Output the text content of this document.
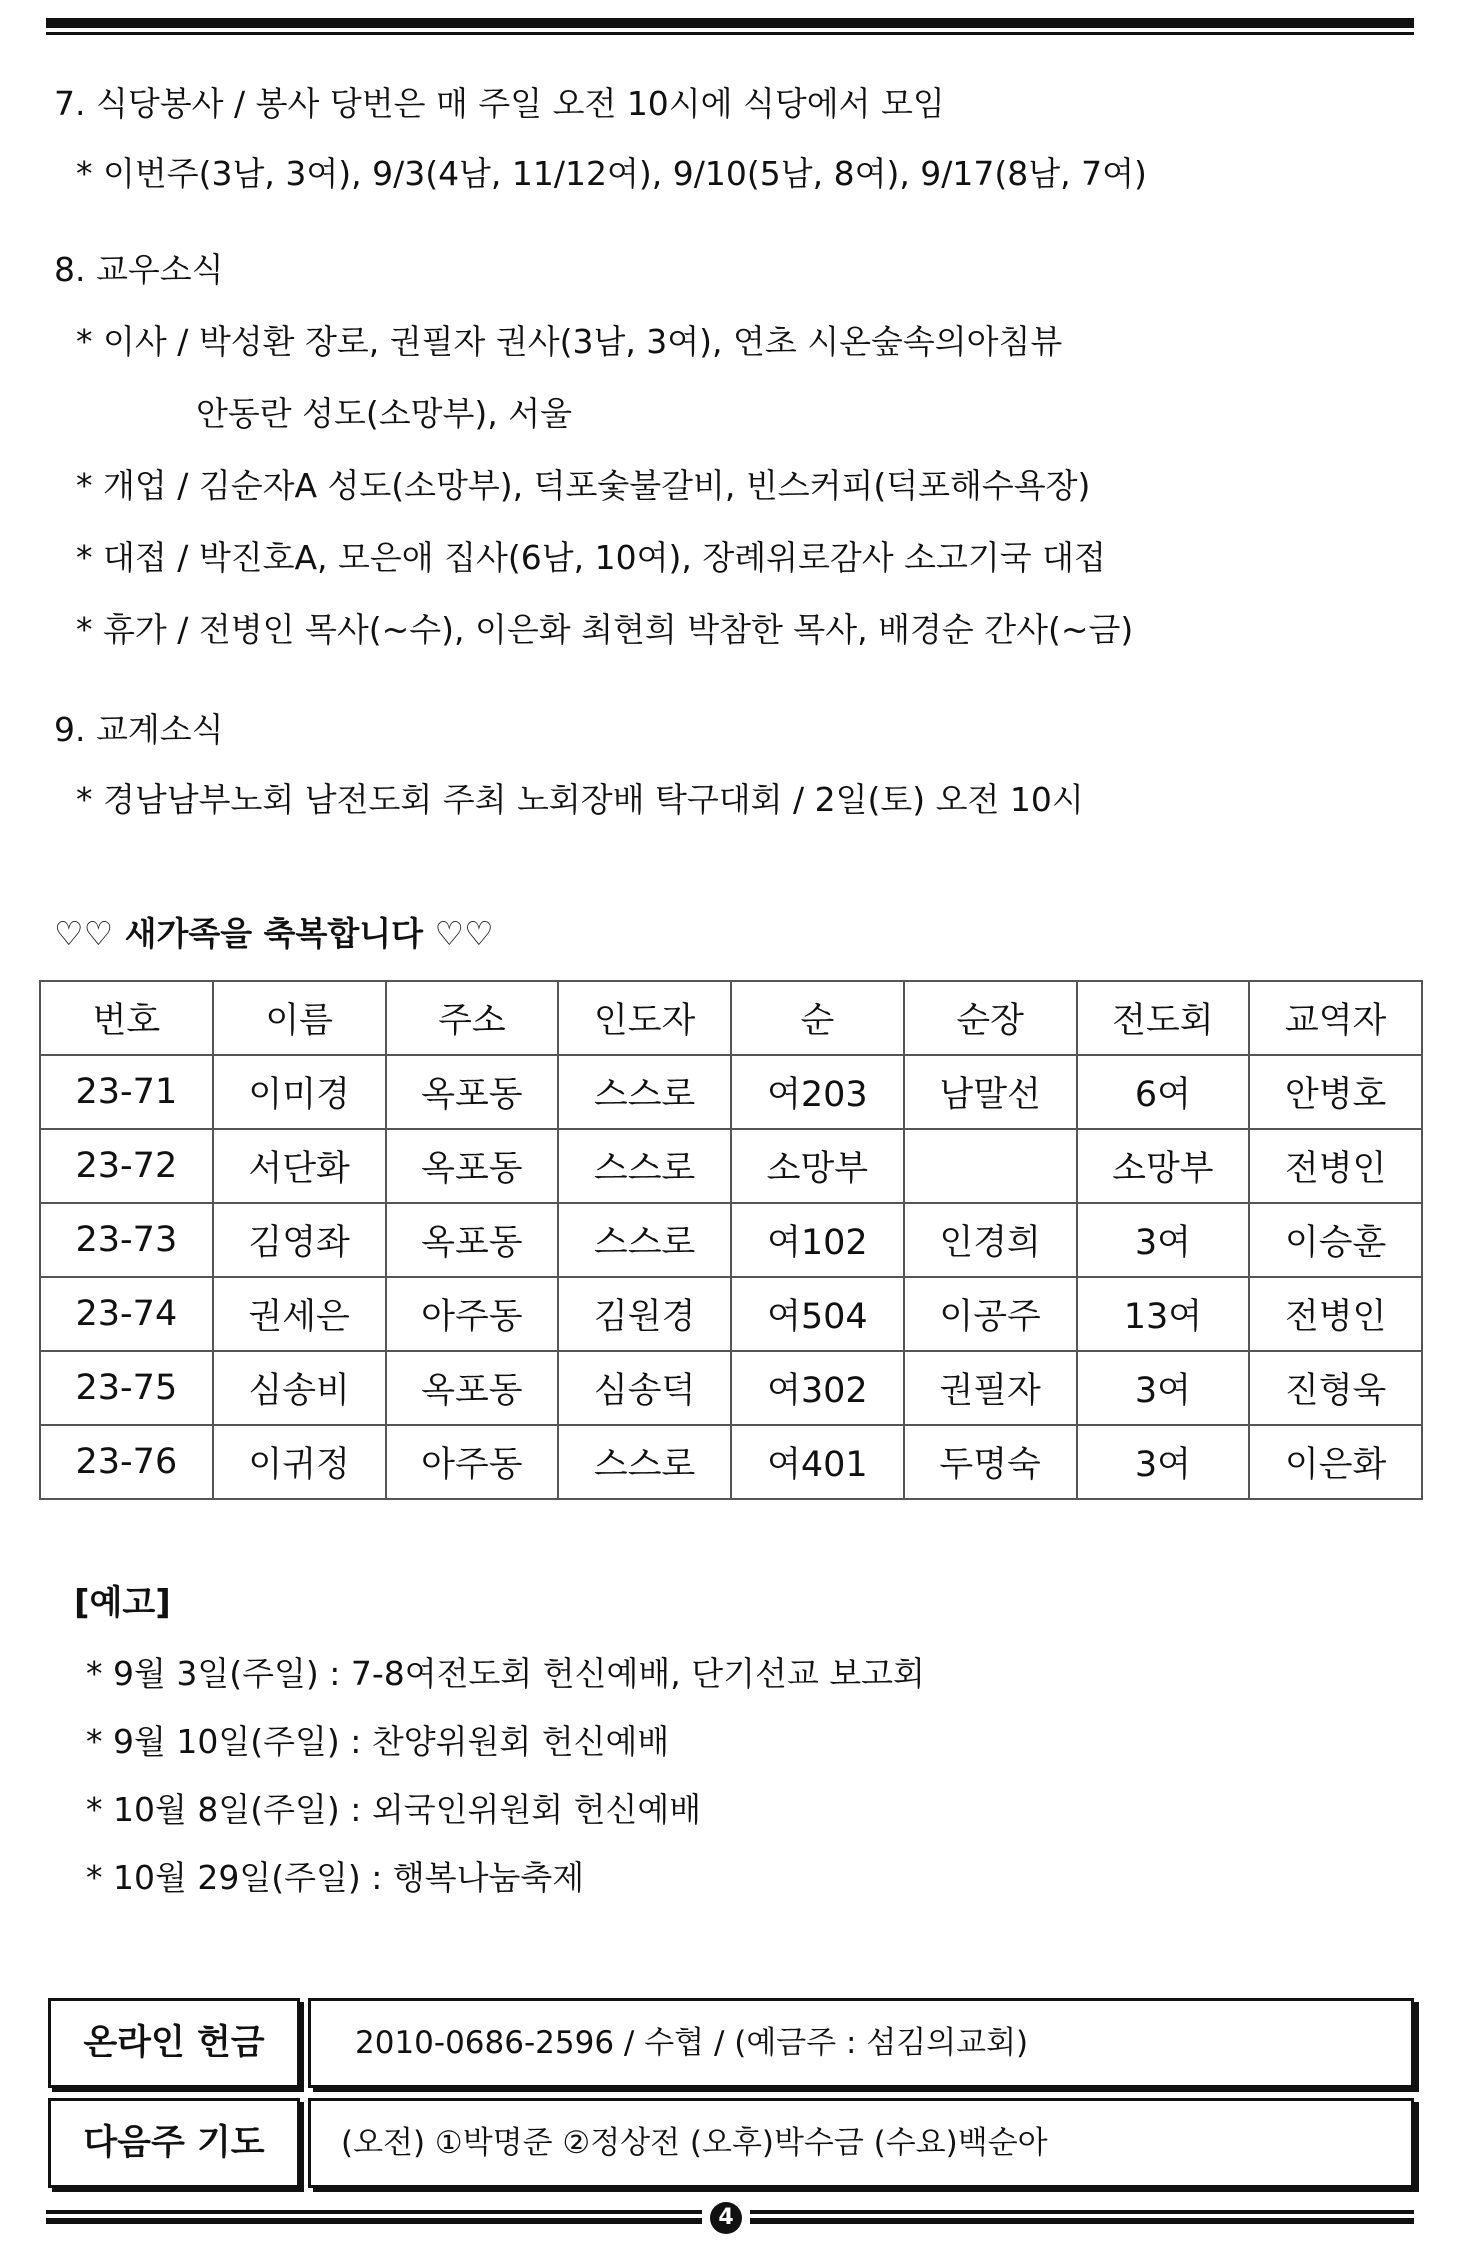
7. 식당봉사 / 봉사 당번은 매 주일 오전 10시에 식당에서 모임
* 이번주(3남, 3여), 9/3(4남, 11/12여), 9/10(5남, 8여), 9/17(8남, 7여)
8. 교우소식
* 이사 / 박성환 장로, 권필자 권사(3남, 3여), 연초 시온숲속의아침뷰
안동란 성도(소망부), 서울
* 개업 / 김순자A 성도(소망부), 덕포숯불갈비, 빈스커피(덕포해수욕장)
* 대접 / 박진호A, 모은애 집사(6남, 10여), 장례위로감사 소고기국 대접
* 휴가 / 전병인 목사(~수), 이은화 최현희 박참한 목사, 배경순 간사(~금)
9. 교계소식
* 경남남부노회 남전도회 주최 노회장배 탁구대회 / 2일(토) 오전 10시
♡♡ 새가족을 축복합니다 ♡♡
번호	이름	주소	인도자	순	순장	전도회	교역자
23-71	이미경	옥포동	스스로	여203	남말선	6여	안병호
23-72	서단화	옥포동	스스로	소망부		소망부	전병인
23-73	김영좌	옥포동	스스로	여102	인경희	3여	이승훈
23-74	권세은	아주동	김원경	여504	이공주	13여	전병인
23-75	심송비	옥포동	심송덕	여302	권필자	3여	진형욱
23-76	이귀정	아주동	스스로	여401	두명숙	3여	이은화
[예고]
* 9월 3일(주일) : 7-8여전도회 헌신예배, 단기선교 보고회
* 9월 10일(주일) : 찬양위원회 헌신예배
* 10월 8일(주일) : 외국인위원회 헌신예배
* 10월 29일(주일) : 행복나눔축제
온라인 헌금	2010-0686-2596 / 수협 / (예금주 : 섬김의교회)
다음주 기도	(오전) ①박명준 ②정상전 (오후)박수금 (수요)백순아
4
